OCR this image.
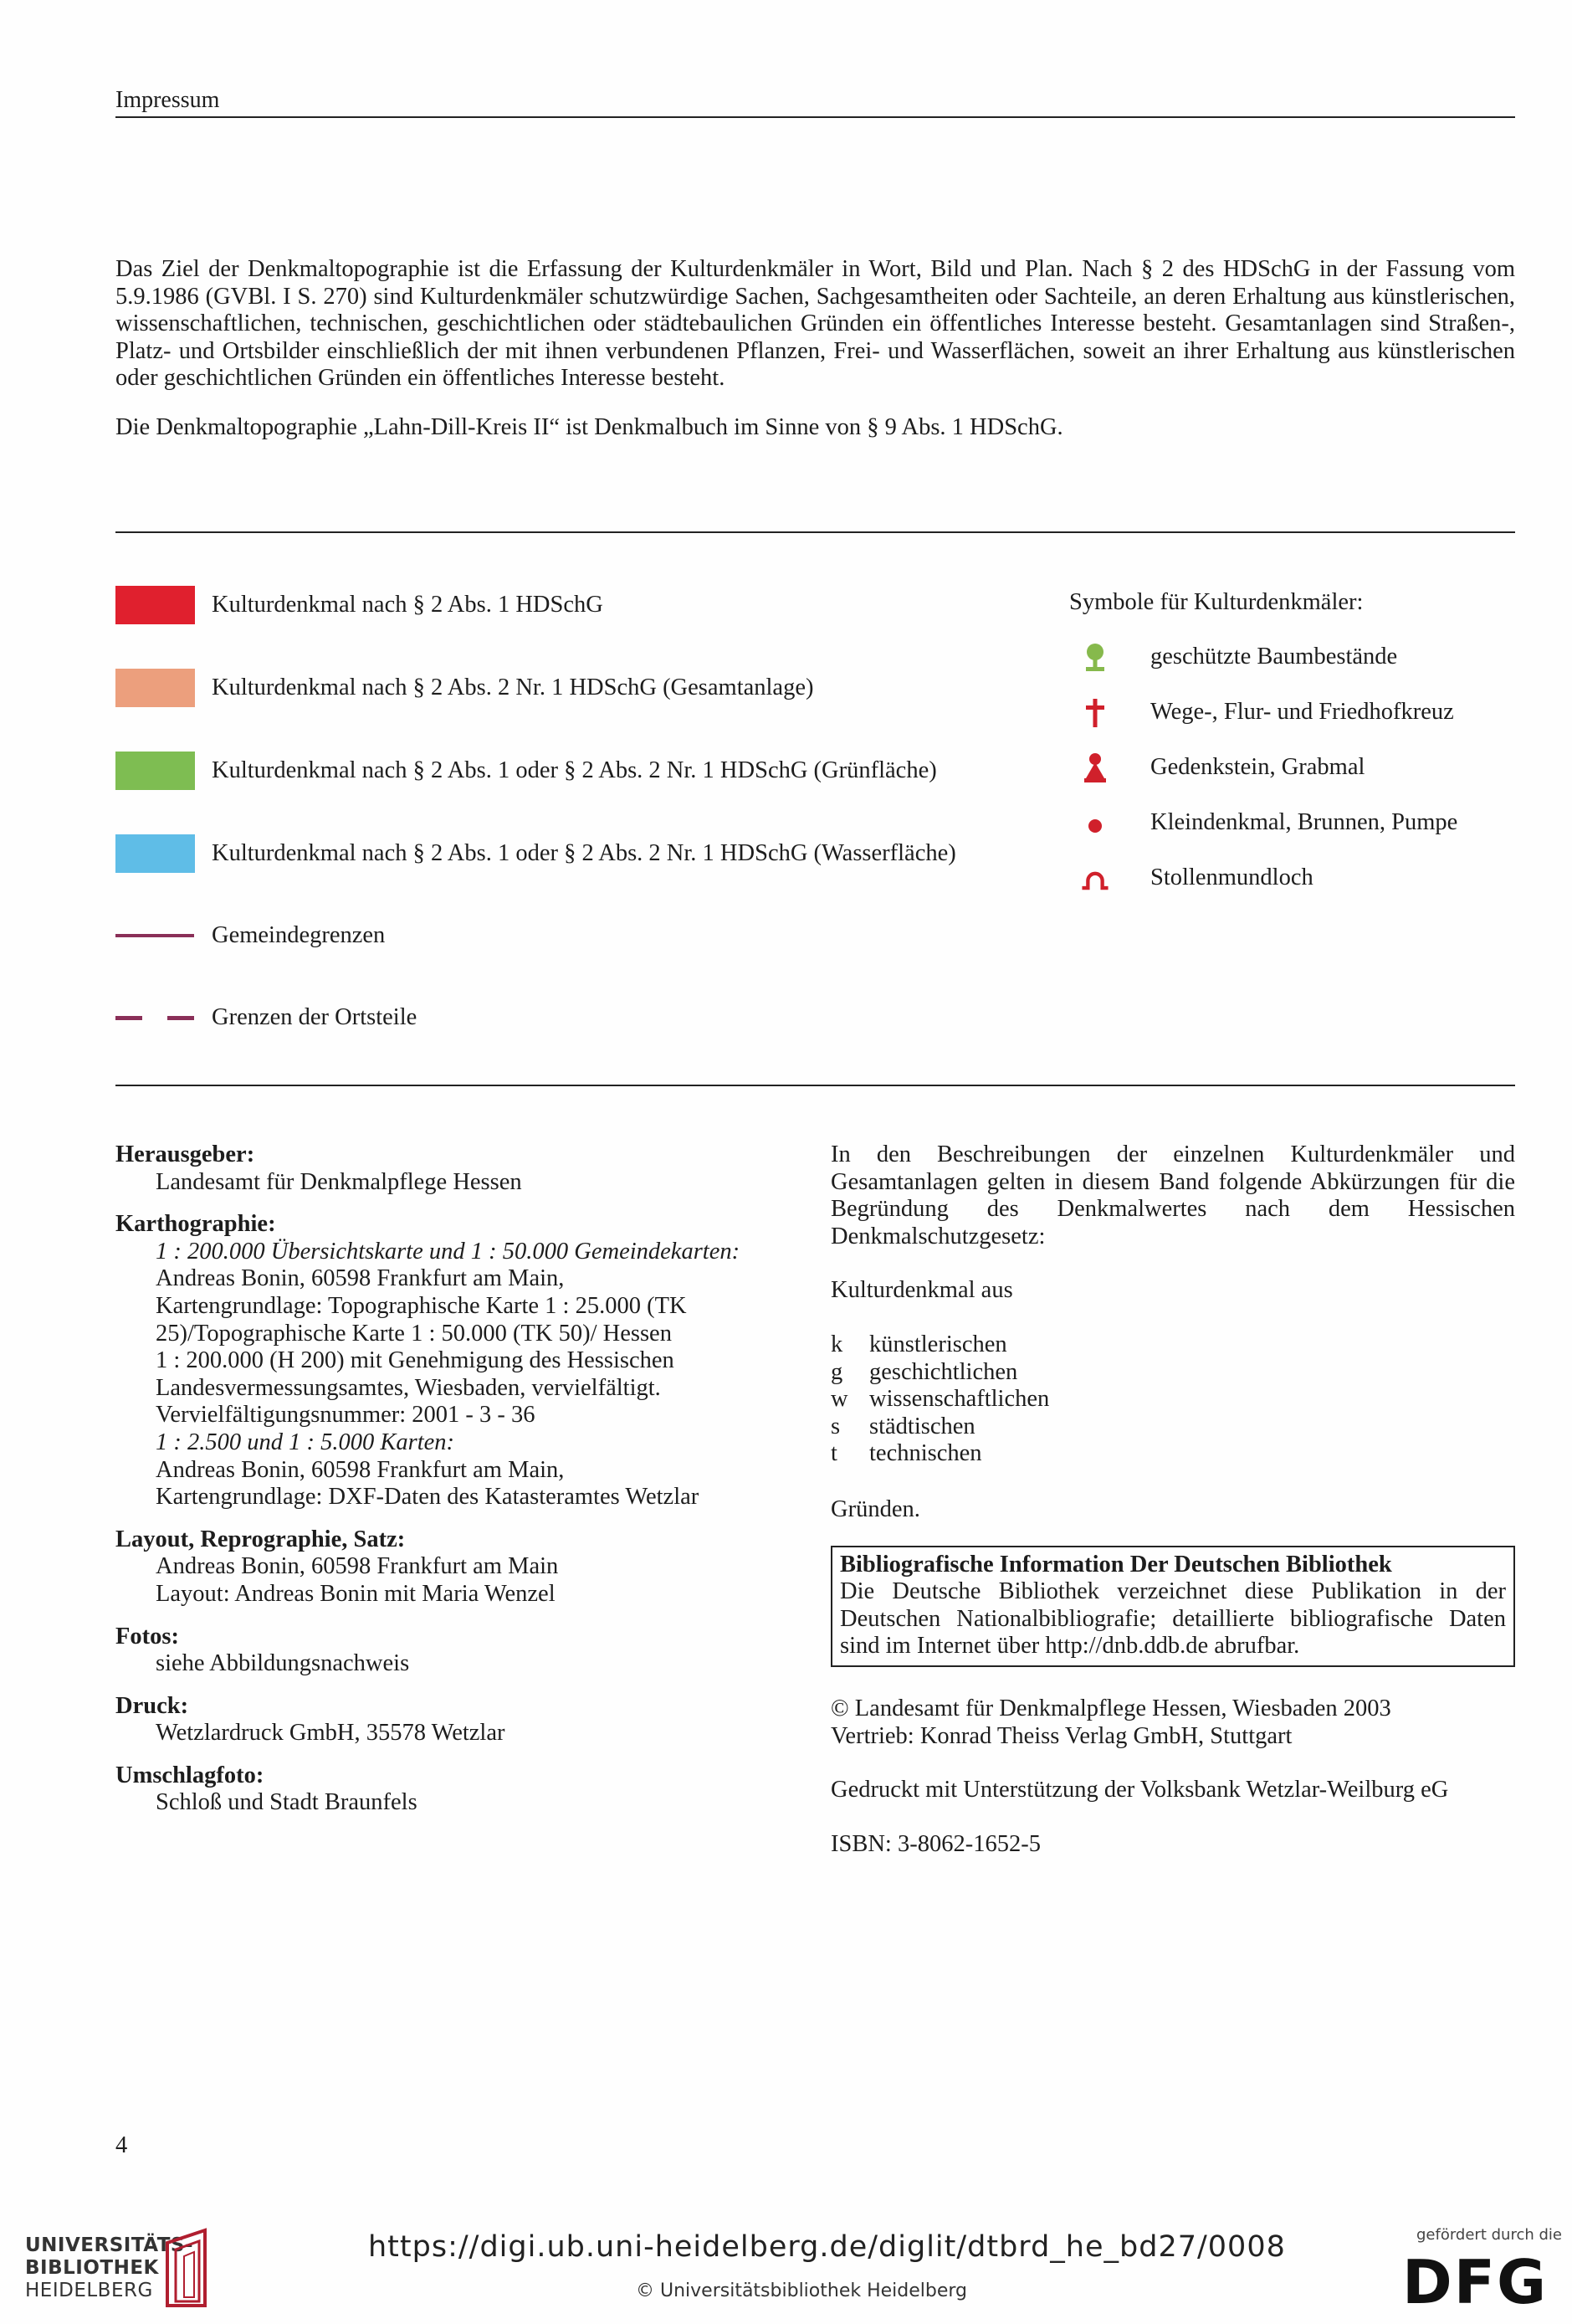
Impressum

Das Ziel der Denkmaltopographie ist die Erfassung der Kulturdenkmäler in Wort, Bild und Plan. Nach § 2 des HDSchG in der Fassung vom 5.9.1986 (GVBl. I S. 270) sind Kulturdenkmäler schutzwürdige Sachen, Sachgesamtheiten oder Sachteile, an deren Erhaltung aus künstlerischen, wissenschaftlichen, technischen, geschichtlichen oder städtebaulichen Gründen ein öffentliches Interesse besteht. Gesamtanlagen sind Straßen-, Platz- und Ortsbilder einschließlich der mit ihnen verbundenen Pflanzen, Frei- und Wasserflächen, soweit an ihrer Erhaltung aus künstlerischen oder geschichtlichen Gründen ein öffentliches Interesse besteht.

Die Denkmaltopographie „Lahn-Dill-Kreis II“ ist Denkmalbuch im Sinne von § 9 Abs. 1 HDSchG.

Kulturdenkmal nach § 2 Abs. 1 HDSchG
Kulturdenkmal nach § 2 Abs. 2 Nr. 1 HDSchG (Gesamtanlage)
Kulturdenkmal nach § 2 Abs. 1 oder § 2 Abs. 2 Nr. 1 HDSchG (Grünfläche)
Kulturdenkmal nach § 2 Abs. 1 oder § 2 Abs. 2 Nr. 1 HDSchG (Wasserfläche)
Gemeindegrenzen
Grenzen der Ortsteile
Symbole für Kulturdenkmäler:
geschützte Baumbestände
Wege-, Flur- und Friedhofkreuz
Gedenkstein, Grabmal
Kleindenkmal, Brunnen, Pumpe
Stollenmundloch
Herausgeber:
Landesamt für Denkmalpflege Hessen
Karthographie:
1 : 200.000 Übersichtskarte und 1 : 50.000 Gemeindekarten:
Andreas Bonin, 60598 Frankfurt am Main,
Kartengrundlage: Topographische Karte 1 : 25.000 (TK
25)/Topographische Karte 1 : 50.000 (TK 50)/ Hessen
1 : 200.000 (H 200) mit Genehmigung des Hessischen
Landesvermessungsamtes, Wiesbaden, vervielfältigt.
Vervielfältigungsnummer: 2001 - 3 - 36
1 : 2.500 und 1 : 5.000 Karten:
Andreas Bonin, 60598 Frankfurt am Main,
Kartengrundlage: DXF-Daten des Katasteramtes Wetzlar
Layout, Reprographie, Satz:
Andreas Bonin, 60598 Frankfurt am Main
Layout: Andreas Bonin mit Maria Wenzel
Fotos:
siehe Abbildungsnachweis
Druck:
Wetzlardruck GmbH, 35578 Wetzlar
Umschlagfoto:
Schloß und Stadt Braunfels

In den Beschreibungen der einzelnen Kulturdenkmäler und Gesamtanlagen gelten in diesem Band folgende Abkürzungen für die Begründung des Denkmalwertes nach dem Hessischen Denkmalschutzgesetz:

Kulturdenkmal aus
k	künstlerischen
g	geschichtlichen
w wissenschaftlichen
s	städtischen
t	technischen
Gründen.
Bibliografische Information Der Deutschen Bibliothek
Die Deutsche Bibliothek verzeichnet diese Publikation in der Deutschen Nationalbibliografie; detaillierte bibliografische Daten sind im Internet über http://dnb.ddb.de abrufbar.
© Landesamt für Denkmalpflege Hessen, Wiesbaden 2003
Vertrieb: Konrad Theiss Verlag GmbH, Stuttgart
Gedruckt mit Unterstützung der Volksbank Wetzlar-Weilburg eG
ISBN: 3-8062-1652-5
4
UNIVERSITÄTS-
BIBLIOTHEK
HEIDELBERG
https://digi.ub.uni-heidelberg.de/diglit/dtbrd_he_bd27/0008
© Universitätsbibliothek Heidelberg
gefördert durch die
DFG
